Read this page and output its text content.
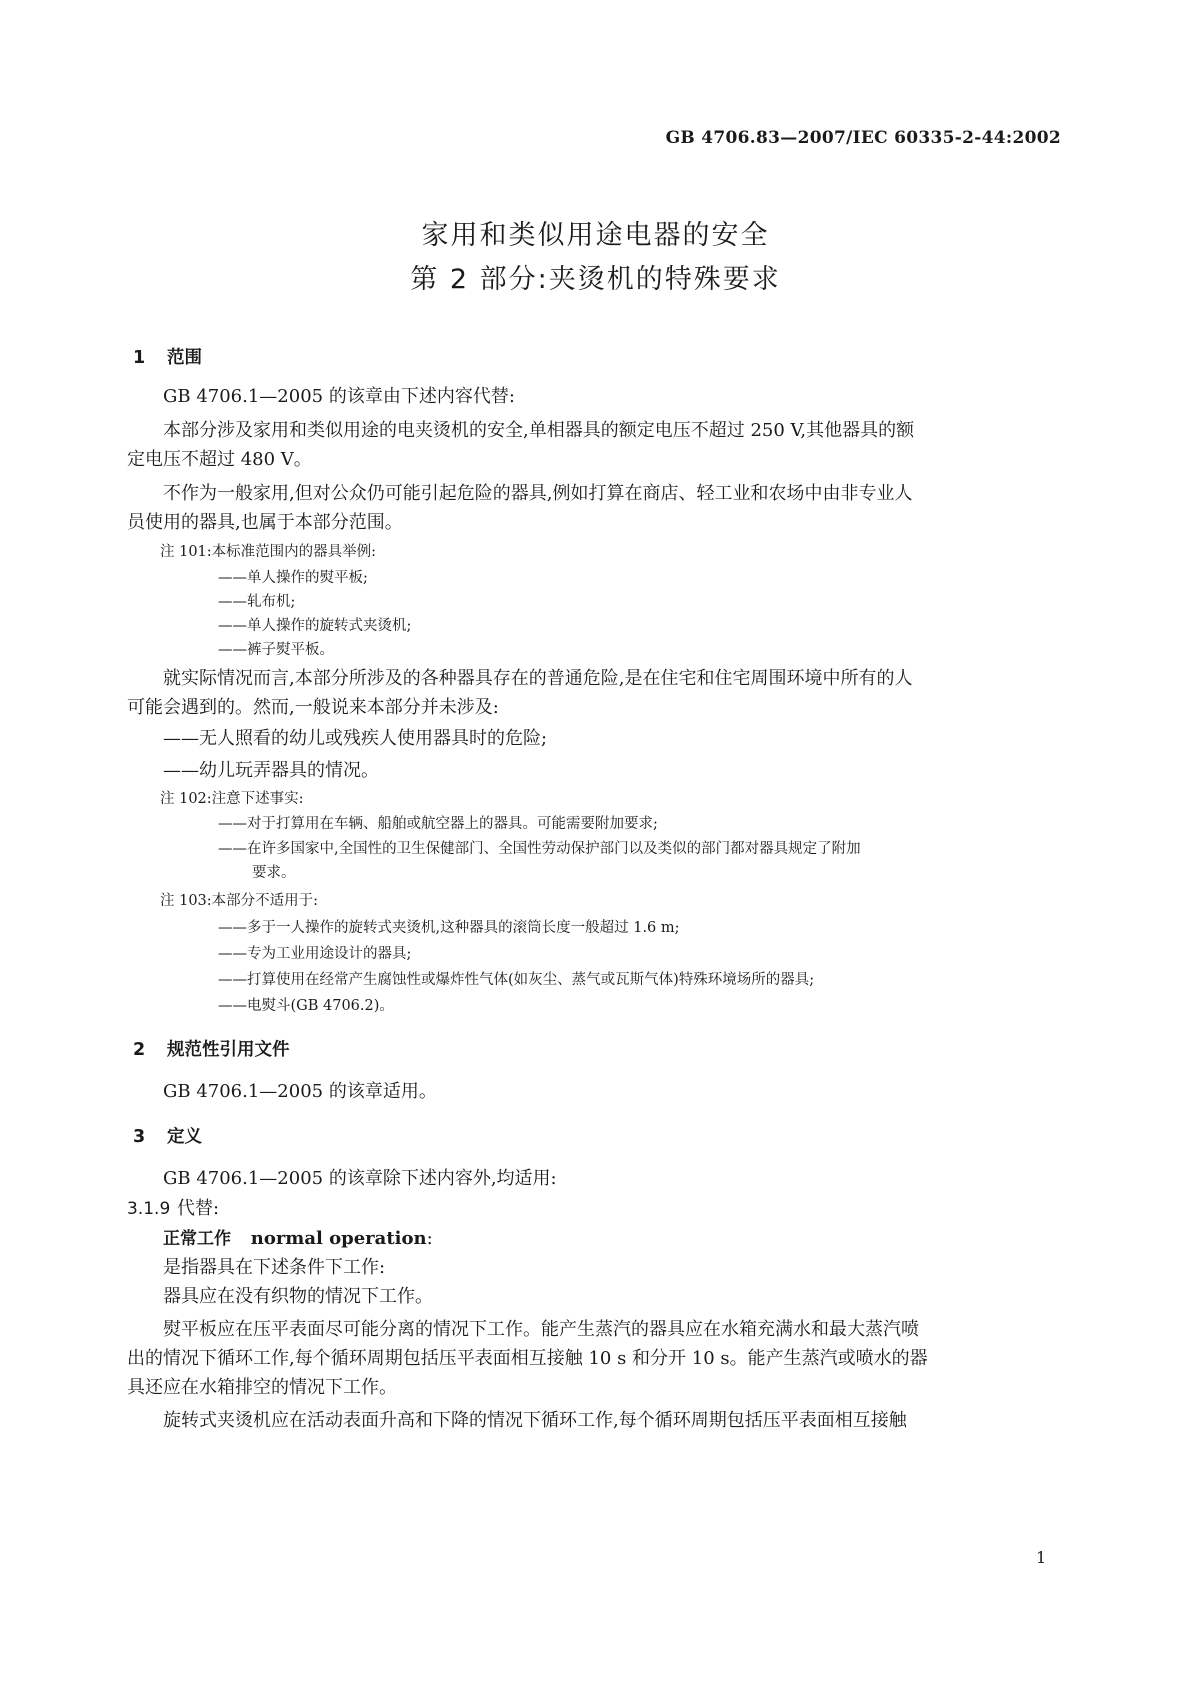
GB 4706.83—2007/IEC 60335-2-44:2002
家用和类似用途电器的安全
第 2 部分:夹烫机的特殊要求
1 范围
GB 4706.1—2005 的该章由下述内容代替:
本部分涉及家用和类似用途的电夹烫机的安全,单相器具的额定电压不超过 250 V,其他器具的额
定电压不超过 480 V。
不作为一般家用,但对公众仍可能引起危险的器具,例如打算在商店、轻工业和农场中由非专业人
员使用的器具,也属于本部分范围。
注 101:本标准范围内的器具举例:
——单人操作的熨平板;
——轧布机;
——单人操作的旋转式夹烫机;
——裤子熨平板。
就实际情况而言,本部分所涉及的各种器具存在的普通危险,是在住宅和住宅周围环境中所有的人
可能会遇到的。然而,一般说来本部分并未涉及:
——无人照看的幼儿或残疾人使用器具时的危险;
——幼儿玩弄器具的情况。
注 102:注意下述事实:
——对于打算用在车辆、船舶或航空器上的器具。可能需要附加要求;
——在许多国家中,全国性的卫生保健部门、全国性劳动保护部门以及类似的部门都对器具规定了附加
要求。
注 103:本部分不适用于:
——多于一人操作的旋转式夹烫机,这种器具的滚筒长度一般超过 1.6 m;
——专为工业用途设计的器具;
——打算使用在经常产生腐蚀性或爆炸性气体(如灰尘、蒸气或瓦斯气体)特殊环境场所的器具;
——电熨斗(GB 4706.2)。
2 规范性引用文件
GB 4706.1—2005 的该章适用。
3 定义
GB 4706.1—2005 的该章除下述内容外,均适用:
3.1.9 代替:
正常工作 normal operation:
是指器具在下述条件下工作:
器具应在没有织物的情况下工作。
熨平板应在压平表面尽可能分离的情况下工作。能产生蒸汽的器具应在水箱充满水和最大蒸汽喷
出的情况下循环工作,每个循环周期包括压平表面相互接触 10 s 和分开 10 s。能产生蒸汽或喷水的器
具还应在水箱排空的情况下工作。
旋转式夹烫机应在活动表面升高和下降的情况下循环工作,每个循环周期包括压平表面相互接触
1
